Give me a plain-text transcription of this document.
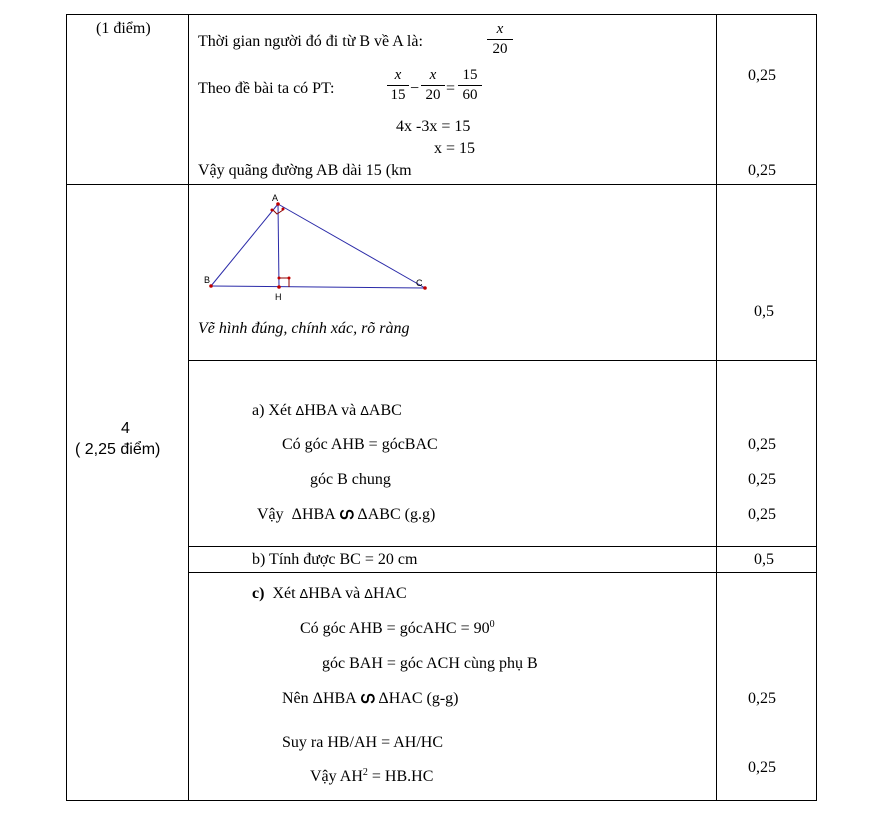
(1 điểm)
Thời gian người đó đi từ B về A là:
x
20
Theo đề bài ta có PT:
x
15 −
x
20 =
15
60
4x -3x = 15
x = 15
Vậy quãng đường AB dài 15 (km
0,25
0,25
4
( 2,25 điểm)
A
B	C
H
Vẽ hình đúng, chính xác, rõ ràng
0,5
a) Xét ΔHBA và ΔABC
Có góc AHB = gócBAC
góc B chung
Vậy ΔHBA ഗ ΔABC (g.g)
0,25
0,25
0,25
b) Tính được BC = 20 cm	0,5
c) Xét ΔHBA và ΔHAC
Có góc AHB = gócAHC = $90^0$
góc BAH = góc ACH cùng phụ B
Nên ΔHBA ഗ ΔHAC (g-g)
Suy ra HB/AH = AH/HC
Vậy $AH^2 = HB.HC$
0,25
0,25
